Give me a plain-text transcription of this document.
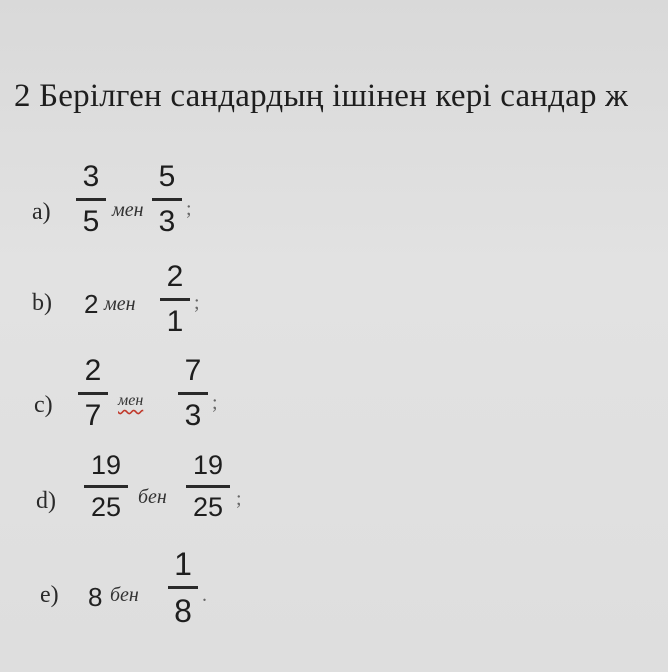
2 Берілген сандардың ішінен кері сандар ж
a)
3
5 мен
5
3 ;
b) 2 мен
2
1
;
c)
2
7 мен
7
3 ;
d)
19
25 бен
19
25 ;
e) 8 бен
1
8 .
